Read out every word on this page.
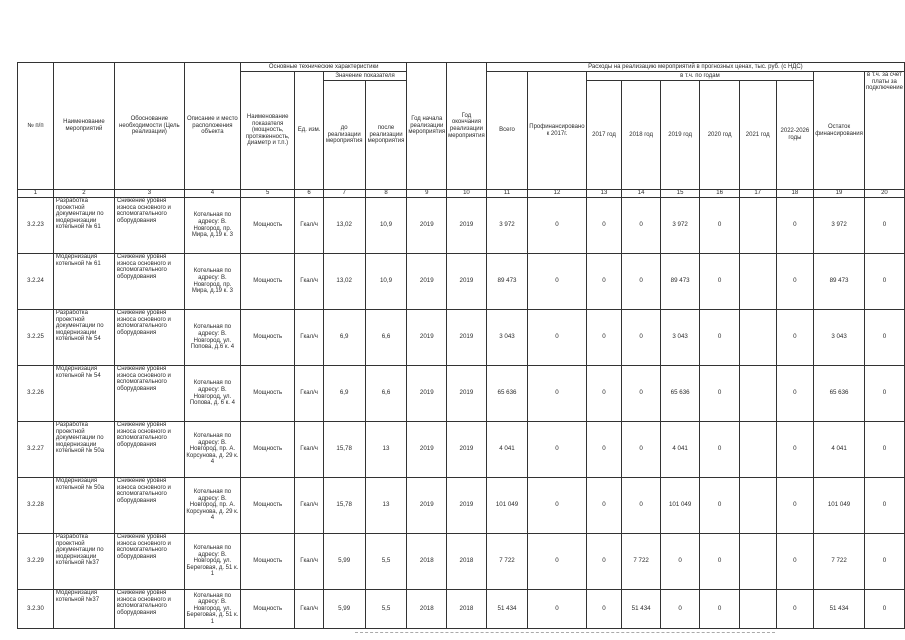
№ п/п	Наименование мероприятий	Обоснование необходимости (Цель реализации)	Описание и место расположения объекта	Основные технические характеристики				Год начала реализации мероприятия	Год окончания реализации мероприятия	Расходы на реализацию мероприятий в прогнозных ценах, тыс. руб. (с НДС)									
				Наименование показателя (мощность, протяженность, диаметр и т.п.)	Ед. изм.	Значение показателя				Всего	Профинансировано к 2017г.	в т.ч. по годам						Остаток финансирования	в т.ч. за счет платы за подключение
						до реализации мероприятия	после реализации мероприятия					2017 год	2018 год	2019 год	2020 год	2021 год	2022-2026 годы		
1	2	3	4	5	6	7	8	9	10	11	12	13	14	15	16	17	18	19	20
3.2.23	Разработка проектной документации по модернизации котельной № 61	Снижение уровня износа основного и вспомогательного оборудования	Котельная по адресу: В. Новгород, пр. Мира, д.19 к. 3	Мощность	Гкал/ч	13,02	10,9	2019	2019	3 972	0	0	0	3 972	0		0	3 972	0
3.2.24	Модернизация котельной № 61	Снижение уровня износа основного и вспомогательного оборудования	Котельная по адресу: В. Новгород, пр. Мира, д.19 к. 3	Мощность	Гкал/ч	13,02	10,9	2019	2019	89 473	0	0	0	89 473	0		0	89 473	0
3.2.25	Разработка проектной документации по модернизации котельной № 54	Снижение уровня износа основного и вспомогательного оборудования	Котельная по адресу: В. Новгород, ул. Попова, д.6 к. 4	Мощность	Гкал/ч	6,9	6,6	2019	2019	3 043	0	0	0	3 043	0		0	3 043	0
3.2.26	Модернизация котельной № 54	Снижение уровня износа основного и вспомогательного оборудования	Котельная по адресу: В. Новгород, ул. Попова, д. 6 к. 4	Мощность	Гкал/ч	6,9	6,6	2019	2019	65 636	0	0	0	65 636	0		0	65 636	0
3.2.27	Разработка проектной документации по модернизации котельной № 50а	Снижение уровня износа основного и вспомогательного оборудования	Котельная по адресу: В. Новгород, пр. А. Корсунова, д. 29 к. 4	Мощность	Гкал/ч	15,78	13	2019	2019	4 041	0	0	0	4 041	0		0	4 041	0
3.2.28	Модернизация котельной № 50а	Снижение уровня износа основного и вспомогательного оборудования	Котельная по адресу: В. Новгород, пр. А. Корсунова, д. 29 к. 4	Мощность	Гкал/ч	15,78	13	2019	2019	101 049	0	0	0	101 049	0		0	101 049	0
3.2.29	Разработка проектной документации по модернизации котельной №37	Снижение уровня износа основного и вспомогательного оборудования	Котельная по адресу: В. Новгород, ул. Береговая, д. 51 к. 1	Мощность	Гкал/ч	5,99	5,5	2018	2018	7 722	0	0	7 722	0	0		0	7 722	0
3.2.30	Модернизация котельной №37	Снижение уровня износа основного и вспомогательного оборудования	Котельная по адресу: В. Новгород, ул. Береговая, д. 51 к. 1	Мощность	Гкал/ч	5,99	5,5	2018	2018	51 434	0	0	51 434	0	0		0	51 434	0
